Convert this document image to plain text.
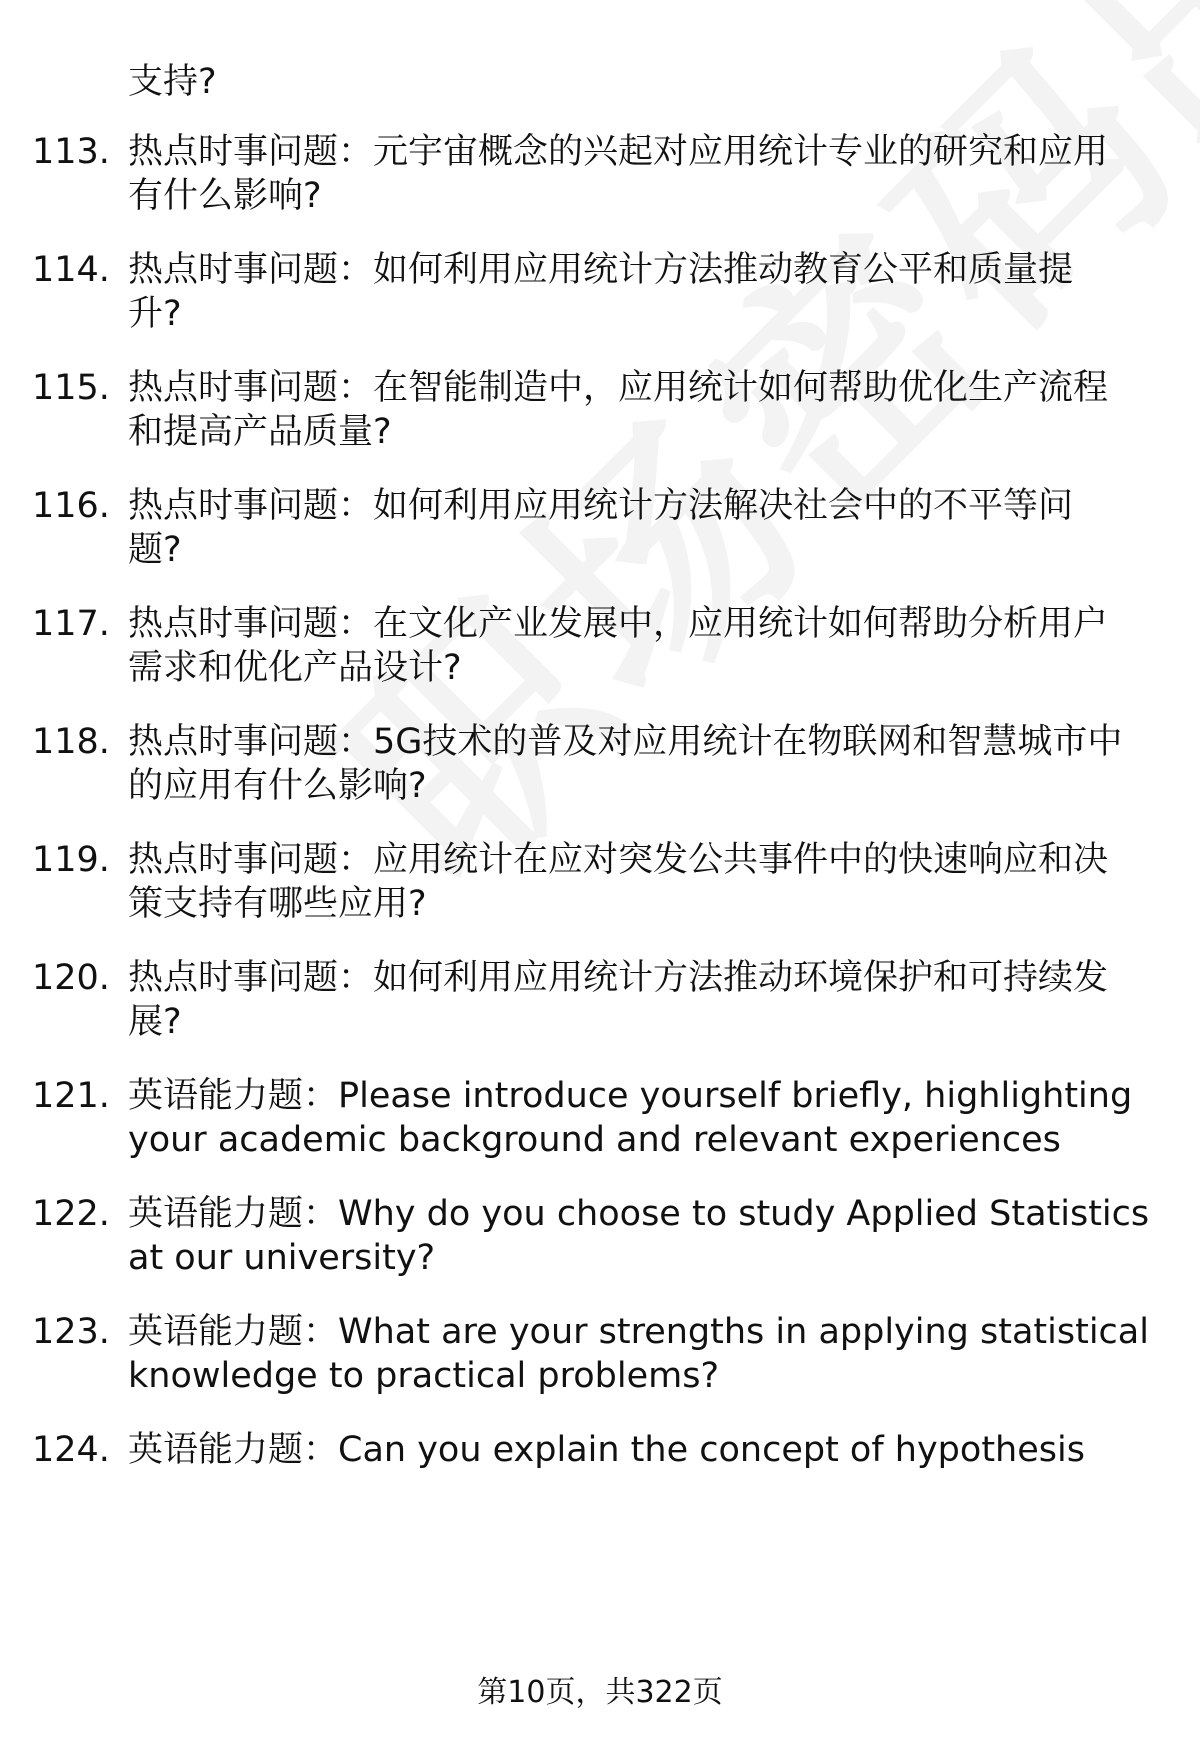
支持?
113. 热点时事问题：元宇宙概念的兴起对应用统计专业的研究和应用
有什么影响?
114. 热点时事问题：如何利用应用统计方法推动教育公平和质量提
升?
115. 热点时事问题：在智能制造中，应用统计如何帮助优化生产流程
和提高产品质量?
116. 热点时事问题：如何利用应用统计方法解决社会中的不平等问
题?
117. 热点时事问题：在文化产业发展中，应用统计如何帮助分析用户
需求和优化产品设计?
118. 热点时事问题：5G技术的普及对应用统计在物联网和智慧城市中
的应用有什么影响?
119. 热点时事问题：应用统计在应对突发公共事件中的快速响应和决
策支持有哪些应用?
120. 热点时事问题：如何利用应用统计方法推动环境保护和可持续发
展?
121. 英语能力题：Please introduce yourself briefly, highlighting
your academic background and relevant experiences
122. 英语能力题：Why do you choose to study Applied Statistics
at our university?
123. 英语能力题：What are your strengths in applying statistical
knowledge to practical problems?
124. 英语能力题：Can you explain the concept of hypothesis
第10页，共322页
